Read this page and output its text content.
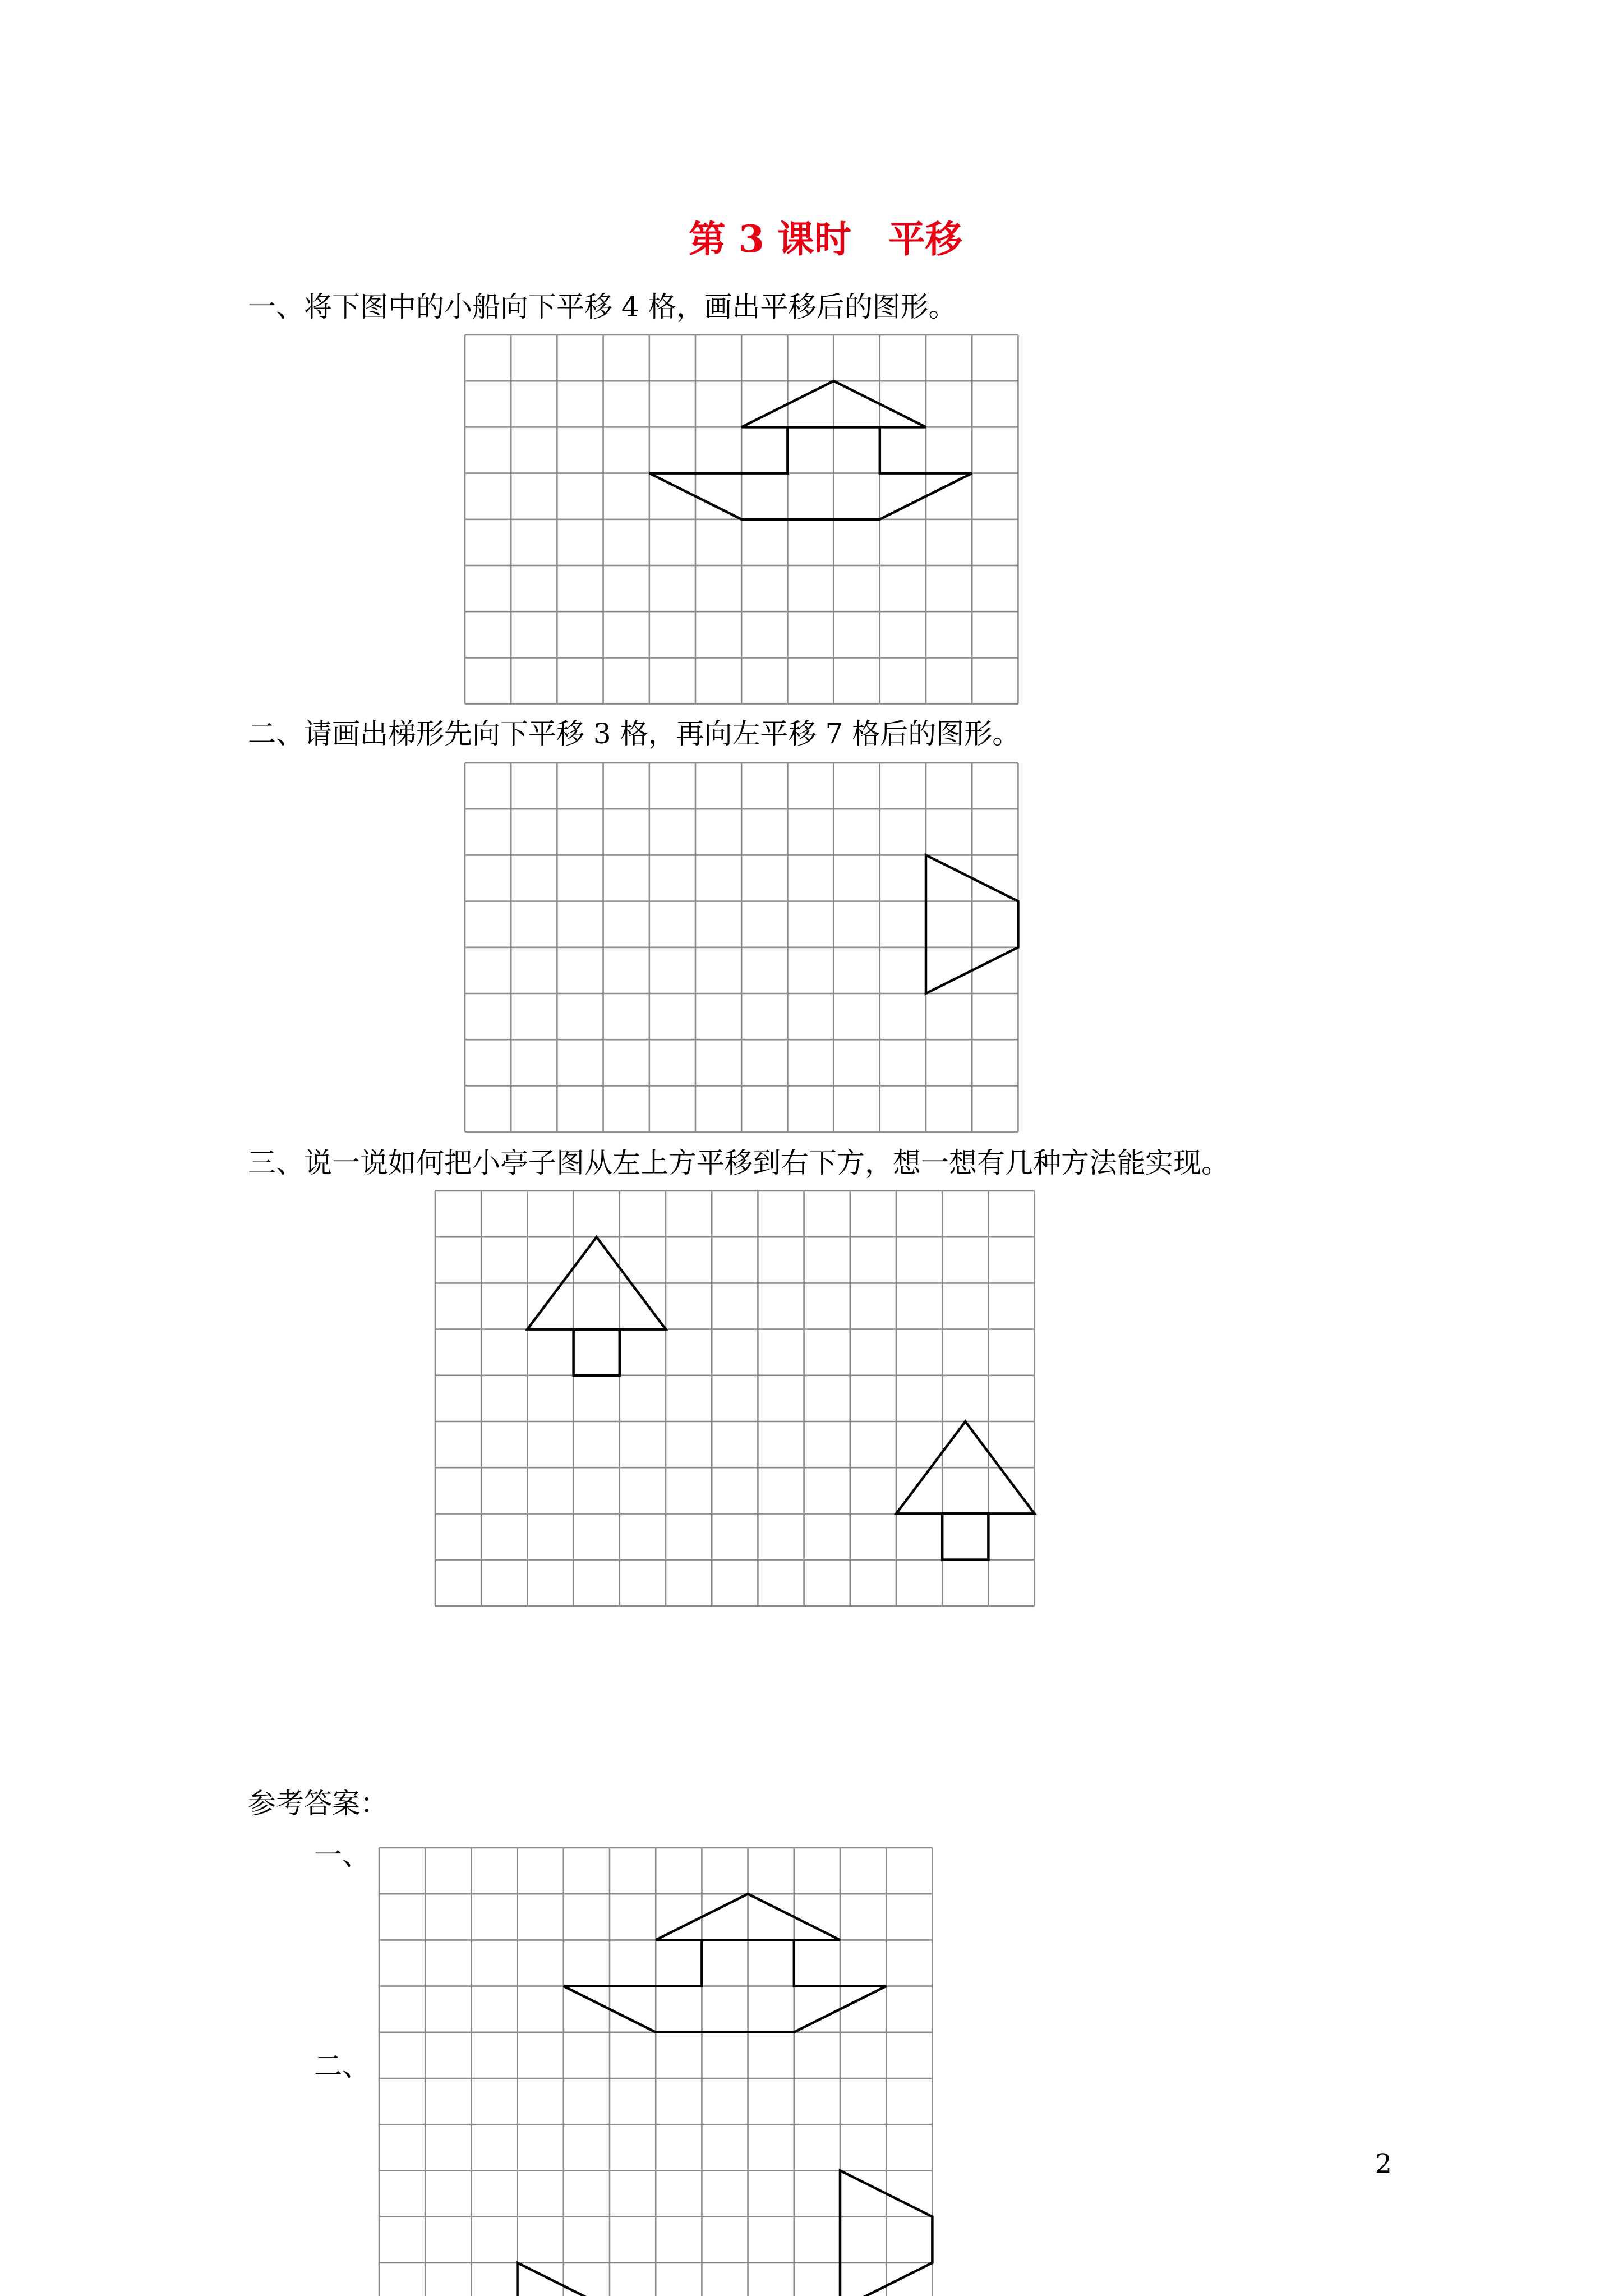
第 3 课时　平移
一、将下图中的小船向下平移 4 格，画出平移后的图形。
二、请画出梯形先向下平移 3 格，再向左平移 7 格后的图形。
三、说一说如何把小亭子图从左上方平移到右下方，想一想有几种方法能实现。
参考答案：
一、
二、
2
